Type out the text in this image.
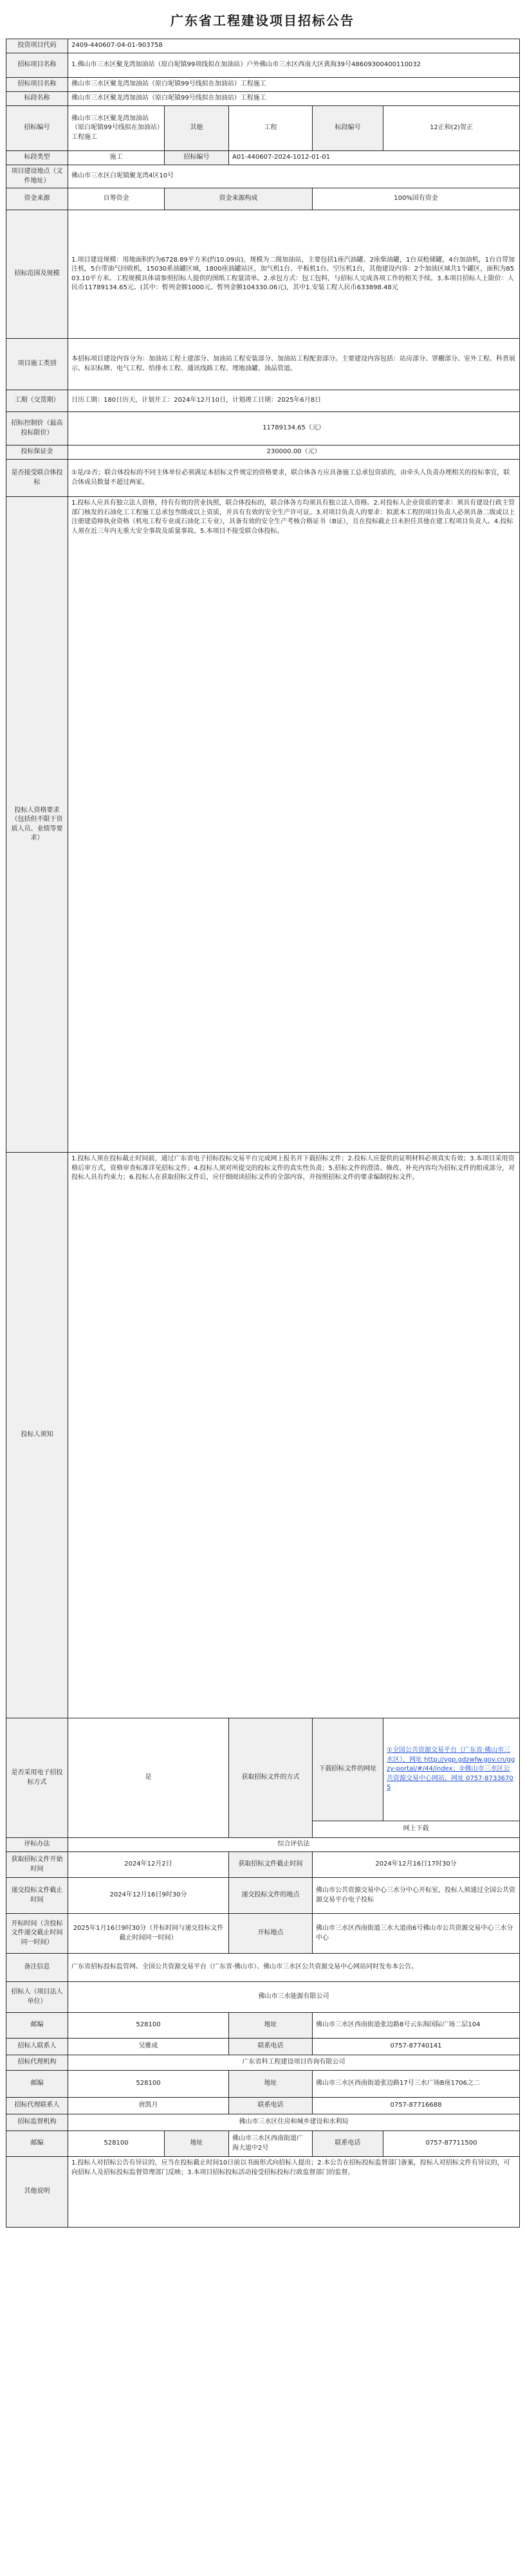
广东省工程建设项目招标公告
投资项目代码	2409-440607-04-01-903758				
招标项目名称	1.佛山市三水区聚龙湾加油站（原白坭镇99项线拟在加油站）户外佛山市三水区西南大区黄海39号48609300400110032				
招标项目名称	佛山市三水区聚龙湾加油站（原白坭镇99号线拟在加油站）工程施工				
标段名称	佛山市三水区聚龙湾加油站（原白坭镇99号线拟在加油站）工程施工				
招标编号	佛山市三水区聚龙湾加油站（原白坭镇99号线拟在加油站）工程施工	其他	工程	标段编号	12正和(2)贺正
标段类型	施工	招标编号	A01-440607-2024-1012-01-01		
项目建设地点（文件地址）	佛山市三水区白坭镇聚龙湾4区10号				
资金来源	自筹资金	资金来源构成		100%国有资金	
招标范围及规模	1.项目建设规模：用地面积约为6728.89平方米(约10.09亩)，规模为二级加油站，主要包括1座汽油罐、2座柴油罐，1台双枪储罐，4台加油机，1台自带加注机，5台带油气回收机，15030系油罐区域，1800座油罐站区，加气机1台、平板机1台、空压机1台，其他建设内容：2个加油区域共1个罐区，面积为8503.10平方米。工程规模具体请参照招标人提供的图纸工程量清单。2.承包方式：包工包料，与招标人完成各项工作的相关手续。3.本项目招标人上限价：人民币11789134.65元。(其中：暂列金额1000元、暂列金额104330.06元)，其中1.安装工程人民币633898.48元				
项目施工类别	本招标项目建设内容分为：加油站工程土建部分、加油站工程安装部分、加油站工程配套部分。主要建设内容包括：站房部分、罩棚部分、室外工程、科普展示、标识标牌、电气工程、给排水工程、通讯线路工程、埋地油罐、油品管道。				
工期（交货期）	日历工期：180日历天，计划开工：2024年12月10日，计划竣工日期：2025年6月8日				
招标控制价（最高投标限价）	11789134.65（元）				
投标保证金	230000.00（元）				
是否接受联合体投标	①是/②否；联合体投标的不同主体单位必须满足本招标文件规定的资格要求，联合体各方应具备施工总承包资质的，由牵头人负责办理相关的投标事宜，联合体成员数量不超过两家。				
投标人资格要求（包括但不限于资质人员、业绩等要求）	1.投标人应具有独立法人资格，持有有效的营业执照，联合体投标的，联合体各方均须具有独立法人资格。2.对投标人企业资质的要求：须具有建设行政主管部门核发的石油化工工程施工总承包叁级或以上资质，并具有有效的安全生产许可证。3.对项目负责人的要求：拟派本工程的项目负责人必须具备二级或以上注册建造师执业资格（机电工程专业或石油化工专业），具备有效的安全生产考核合格证书（B证），且在投标截止日未担任其他在建工程项目负责人。4.投标人须在近三年内无重大安全事故及质量事故。5.本项目不接受联合体投标。				
投标人须知	1.投标人须在投标截止时间前，通过广东省电子招标投标交易平台完成网上报名并下载招标文件；2.投标人应提供的证明材料必须真实有效；3.本项目采用资格后审方式，资格审查标准详见招标文件；4.投标人须对所提交的投标文件的真实性负责；5.招标文件的澄清、修改、补充内容均为招标文件的组成部分，对投标人具有约束力；6.投标人在获取招标文件后，应仔细阅读招标文件的全部内容，并按照招标文件的要求编制投标文件。				
是否采用电子招投标方式	是		获取招标文件的方式	下载招标文件的网址	①全国公共资源交易平台（广东省·佛山市三水区），网址 http://ygp.gdzwfw.gov.cn/ggzy-portal/#/44/index；②佛山市三水区公共资源交易中心网站，网址 0757-87336705
				网上下载	
评标办法	综合评估法				
获取招标文件开始时间	2024年12月2日		获取招标文件截止时间	2024年12月16日17时30分	
递交投标文件截止时间	2024年12月16日9时30分		递交投标文件的地点	佛山市公共资源交易中心三水分中心开标室，投标人须通过全国公共资源交易平台电子投标	
开标时间（含投标文件递交截止时间同一时间）	2025年1月16日9时30分（开标时间与递交投标文件截止时间同一时间）		开标地点	佛山市三水区西南街道三水大道南6号佛山市公共资源交易中心三水分中心	
备注信息	广东省招标投标监管网、全国公共资源交易平台（广东省·佛山市）、佛山市三水区公共资源交易中心网站同时发布本公告。				
招标人（项目法人单位）	佛山市三水能源有限公司				
邮编	528100		地址	佛山市三水区西南街道张边路8号云东海国际广场二层104	
招标人联系人	吴雅成		联系电话	0757-87740141	
招标代理机构	广东省科工程建设项目咨询有限公司				
邮编	528100		地址	佛山市三水区西南街道张边路17号三水广场B座1706之二	
招标代理联系人	唐凯月		联系电话	0757-87716688	
招标监督机构	佛山市三水区住房和城乡建设和水利局				
邮编	528100	地址	佛山市三水区西南街道广海大道中2号	联系电话	0757-87711500
其他说明	1.投标人对招标公告有异议的，应当在投标截止时间10日前以书面形式向招标人提出；2.本公告在招标投标监督部门备案，投标人对招标文件有异议的，可向招标人及招标投标监督管理部门反映；3.本项目招标投标活动接受招标投标行政监督部门的监督。				
